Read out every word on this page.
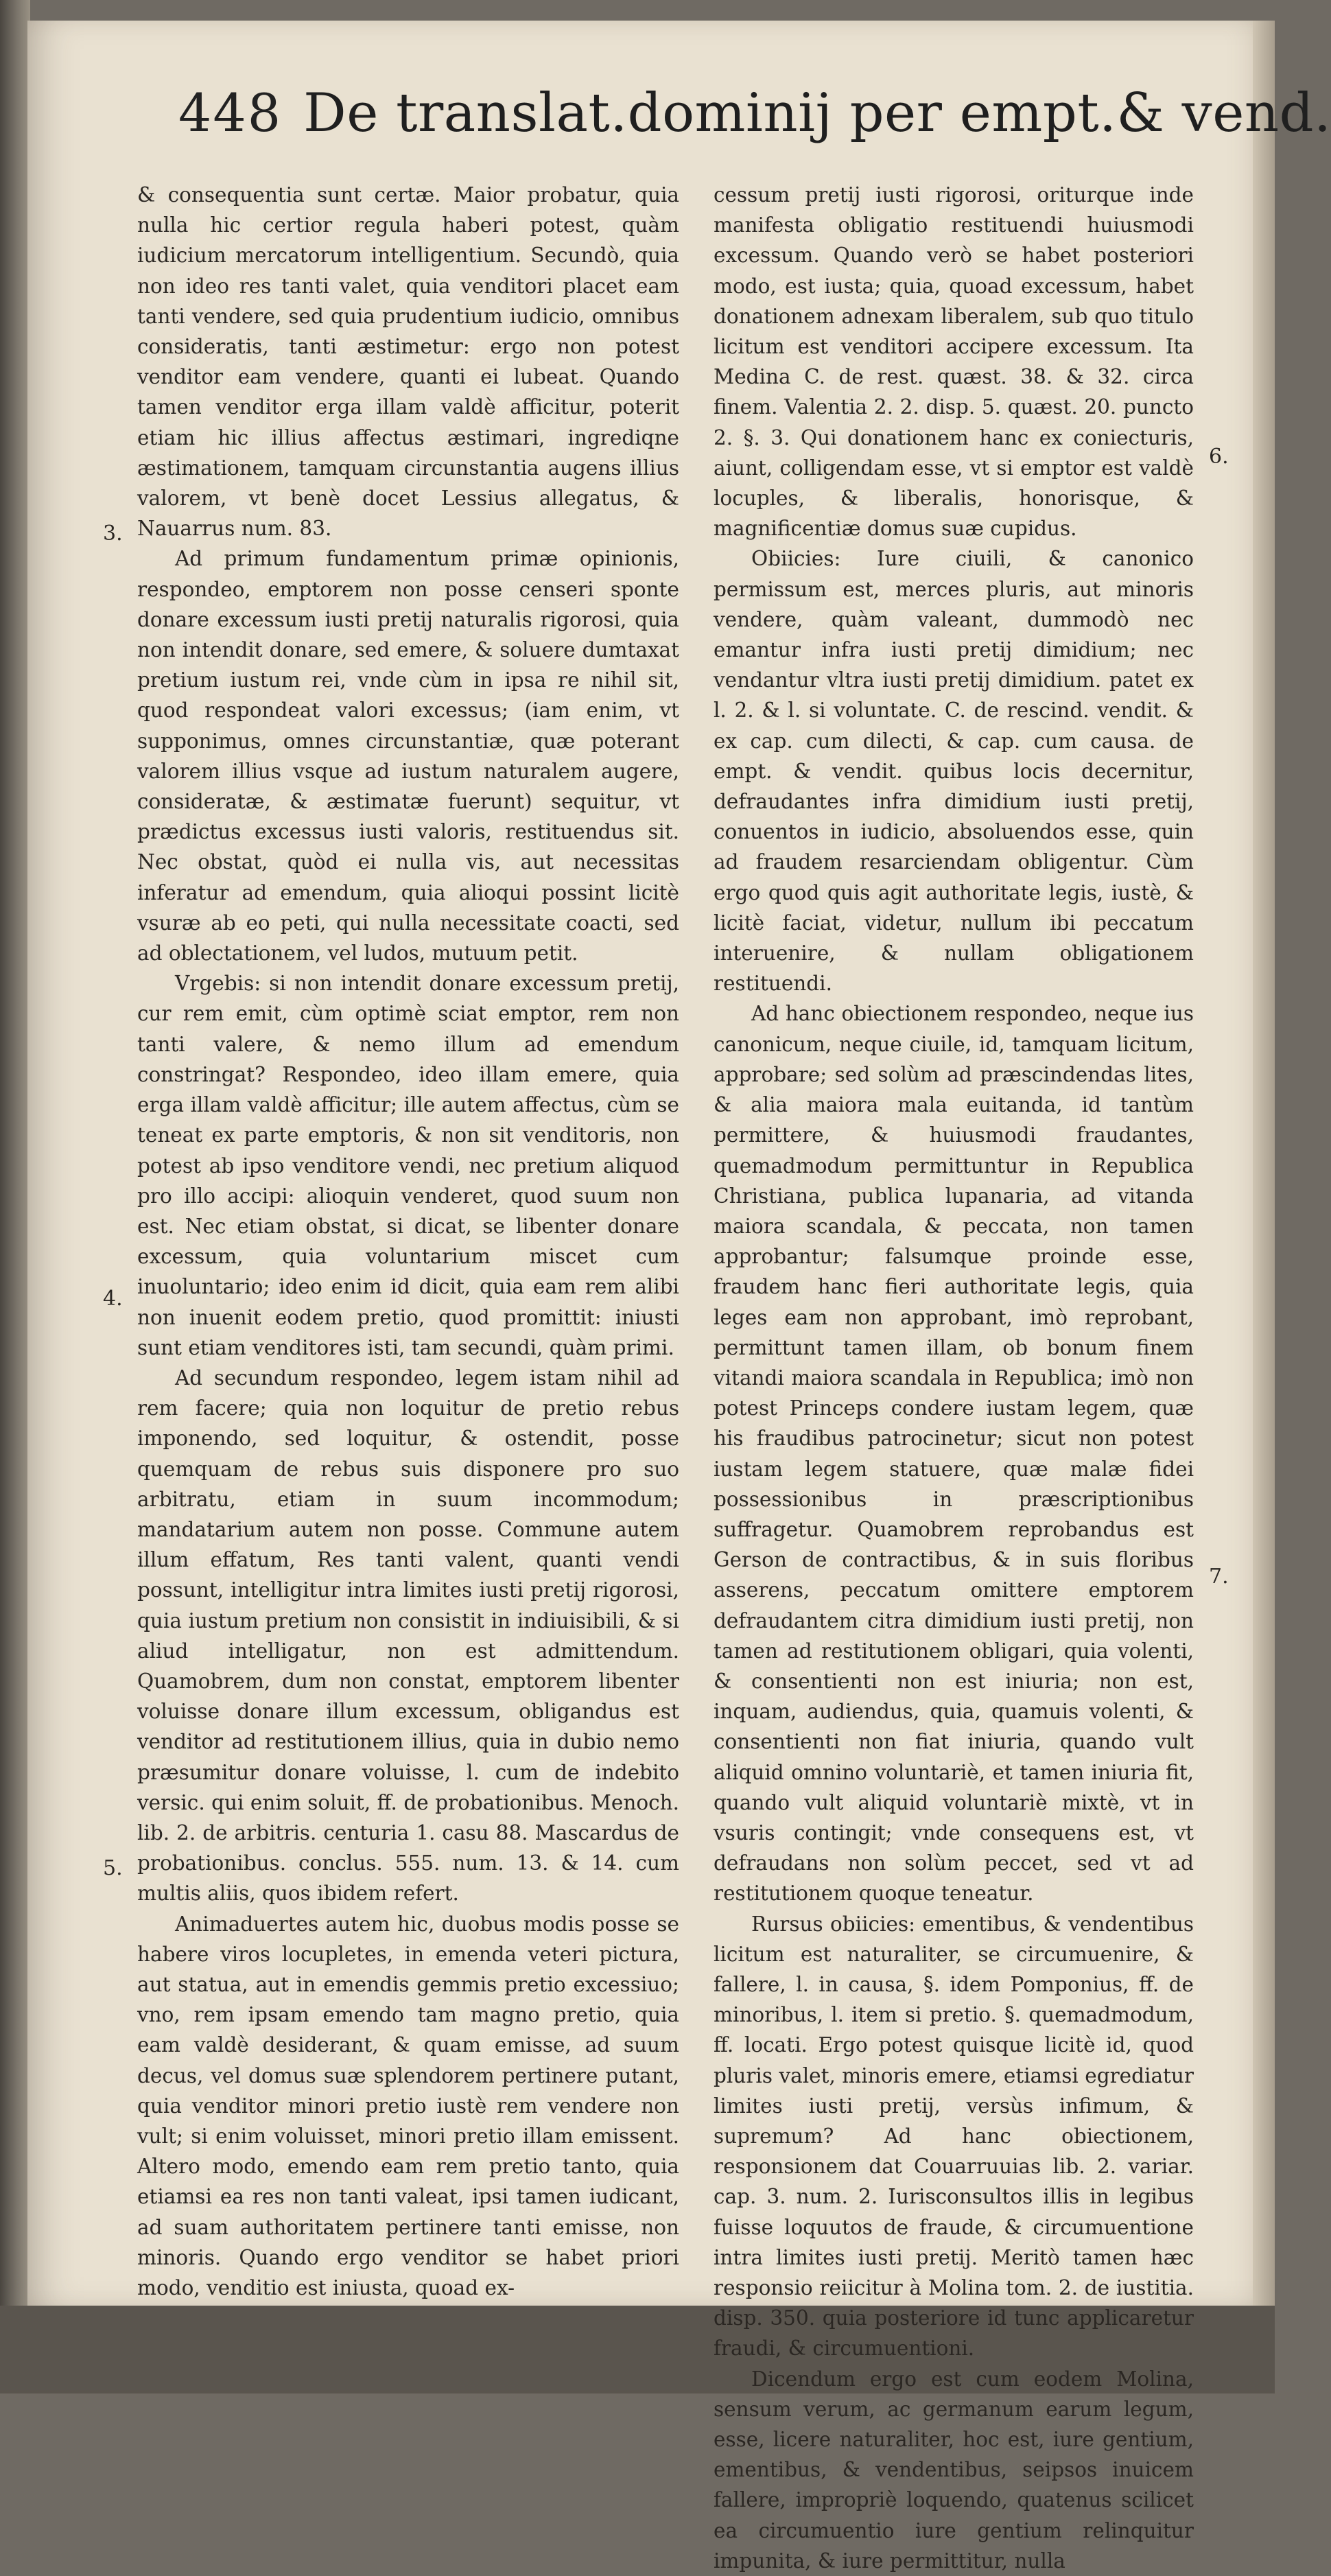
448 De translat.dominij per empt.& vend.

& consequentia sunt certæ. Maior probatur, quia nulla hic certior regula haberi potest, quàm iudicium mercatorum intelligentium. Secundò, quia non ideo res tanti valet, quia venditori placet eam tanti vendere, sed quia prudentium iudicio, omnibus consideratis, tanti æstimetur: ergo non potest venditor eam vendere, quanti ei lubeat. Quando tamen venditor erga illam valdè afficitur, poterit etiam hic illius affectus æstimari, ingrediqne æstimationem, tamquam circunstantia augens illius valorem, vt benè docet Lessius allegatus, & Nauarrus num. 83.

Ad primum fundamentum primæ opinionis, respondeo, emptorem non posse censeri sponte donare excessum iusti pretij naturalis rigorosi, quia non intendit donare, sed emere, & soluere dumtaxat pretium iustum rei, vnde cùm in ipsa re nihil sit, quod respondeat valori excessus; (iam enim, vt supponimus, omnes circunstantiæ, quæ poterant valorem illius vsque ad iustum naturalem augere, consideratæ, & æstimatæ fuerunt) sequitur, vt prædictus excessus iusti valoris, restituendus sit. Nec obstat, quòd ei nulla vis, aut necessitas inferatur ad emendum, quia alioqui possint licitè vsuræ ab eo peti, qui nulla necessitate coacti, sed ad oblectationem, vel ludos, mutuum petit.

Vrgebis: si non intendit donare excessum pretij, cur rem emit, cùm optimè sciat emptor, rem non tanti valere, & nemo illum ad emendum constringat? Respondeo, ideo illam emere, quia erga illam valdè afficitur; ille autem affectus, cùm se teneat ex parte emptoris, & non sit venditoris, non potest ab ipso venditore vendi, nec pretium aliquod pro illo accipi: alioquin venderet, quod suum non est. Nec etiam obstat, si dicat, se libenter donare excessum, quia voluntarium miscet cum inuoluntario; ideo enim id dicit, quia eam rem alibi non inuenit eodem pretio, quod promittit: iniusti sunt etiam venditores isti, tam secundi, quàm primi.

Ad secundum respondeo, legem istam nihil ad rem facere; quia non loquitur de pretio rebus imponendo, sed loquitur, & ostendit, posse quemquam de rebus suis disponere pro suo arbitratu, etiam in suum incommodum; mandatarium autem non posse. Commune autem illum effatum, Res tanti valent, quanti vendi possunt, intelligitur intra limites iusti pretij rigorosi, quia iustum pretium non consistit in indiuisibili, & si aliud intelligatur, non est admittendum. Quamobrem, dum non constat, emptorem libenter voluisse donare illum excessum, obligandus est venditor ad restitutionem illius, quia in dubio nemo præsumitur donare voluisse, l. cum de indebito versic. qui enim soluit, ff. de probationibus. Menoch. lib. 2. de arbitris. centuria 1. casu 88. Mascardus de probationibus. conclus. 555. num. 13. & 14. cum multis aliis, quos ibidem refert.

Animaduertes autem hic, duobus modis posse se habere viros locupletes, in emenda veteri pictura, aut statua, aut in emendis gemmis pretio excessiuo; vno, rem ipsam emendo tam magno pretio, quia eam valdè desiderant, & quam emisse, ad suum decus, vel domus suæ splendorem pertinere putant, quia venditor minori pretio iustè rem vendere non vult; si enim voluisset, minori pretio illam emissent. Altero modo, emendo eam rem pretio tanto, quia etiamsi ea res non tanti valeat, ipsi tamen iudicant, ad suam authoritatem pertinere tanti emisse, non minoris. Quando ergo venditor se habet priori modo, venditio est iniusta, quoad ex-

cessum pretij iusti rigorosi, oriturque inde manifesta obligatio restituendi huiusmodi excessum. Quando verò se habet posteriori modo, est iusta; quia, quoad excessum, habet donationem adnexam liberalem, sub quo titulo licitum est venditori accipere excessum. Ita Medina C. de rest. quæst. 38. & 32. circa finem. Valentia 2. 2. disp. 5. quæst. 20. puncto 2. §. 3. Qui donationem hanc ex coniecturis, aiunt, colligendam esse, vt si emptor est valdè locuples, & liberalis, honorisque, & magnificentiæ domus suæ cupidus.

Obiicies: Iure ciuili, & canonico permissum est, merces pluris, aut minoris vendere, quàm valeant, dummodò nec emantur infra iusti pretij dimidium; nec vendantur vltra iusti pretij dimidium. patet ex l. 2. & l. si voluntate. C. de rescind. vendit. & ex cap. cum dilecti, & cap. cum causa. de empt. & vendit. quibus locis decernitur, defraudantes infra dimidium iusti pretij, conuentos in iudicio, absoluendos esse, quin ad fraudem resarciendam obligentur. Cùm ergo quod quis agit authoritate legis, iustè, & licitè faciat, videtur, nullum ibi peccatum interuenire, & nullam obligationem restituendi.

Ad hanc obiectionem respondeo, neque ius canonicum, neque ciuile, id, tamquam licitum, approbare; sed solùm ad præscindendas lites, & alia maiora mala euitanda, id tantùm permittere, & huiusmodi fraudantes, quemadmodum permittuntur in Republica Christiana, publica lupanaria, ad vitanda maiora scandala, & peccata, non tamen approbantur; falsumque proinde esse, fraudem hanc fieri authoritate legis, quia leges eam non approbant, imò reprobant, permittunt tamen illam, ob bonum finem vitandi maiora scandala in Republica; imò non potest Princeps condere iustam legem, quæ his fraudibus patrocinetur; sicut non potest iustam legem statuere, quæ malæ fidei possessionibus in præscriptionibus suffragetur. Quamobrem reprobandus est Gerson de contractibus, & in suis floribus asserens, peccatum omittere emptorem defraudantem citra dimidium iusti pretij, non tamen ad restitutionem obligari, quia volenti, & consentienti non est iniuria; non est, inquam, audiendus, quia, quamuis volenti, & consentienti non fiat iniuria, quando vult aliquid omnino voluntariè, et tamen iniuria fit, quando vult aliquid voluntariè mixtè, vt in vsuris contingit; vnde consequens est, vt defraudans non solùm peccet, sed vt ad restitutionem quoque teneatur.

Rursus obiicies: ementibus, & vendentibus licitum est naturaliter, se circumuenire, & fallere, l. in causa, §. idem Pomponius, ff. de minoribus, l. item si pretio. §. quemadmodum, ff. locati. Ergo potest quisque licitè id, quod pluris valet, minoris emere, etiamsi egrediatur limites iusti pretij, versùs infimum, & supremum? Ad hanc obiectionem, responsionem dat Couarruuias lib. 2. variar. cap. 3. num. 2. Iurisconsultos illis in legibus fuisse loquutos de fraude, & circumuentione intra limites iusti pretij. Meritò tamen hæc responsio reiicitur à Molina tom. 2. de iustitia. disp. 350. quia posteriore id tunc applicaretur fraudi, & circumuentioni.

Dicendum ergo est cum eodem Molina, sensum verum, ac germanum earum legum, esse, licere naturaliter, hoc est, iure gentium, ementibus, & vendentibus, seipsos inuicem fallere, impropriè loquendo, quatenus scilicet ea circumuentio iure gentium relinquitur impunita, & iure permittitur, nulla

3.
4.
5.
6.
7.
